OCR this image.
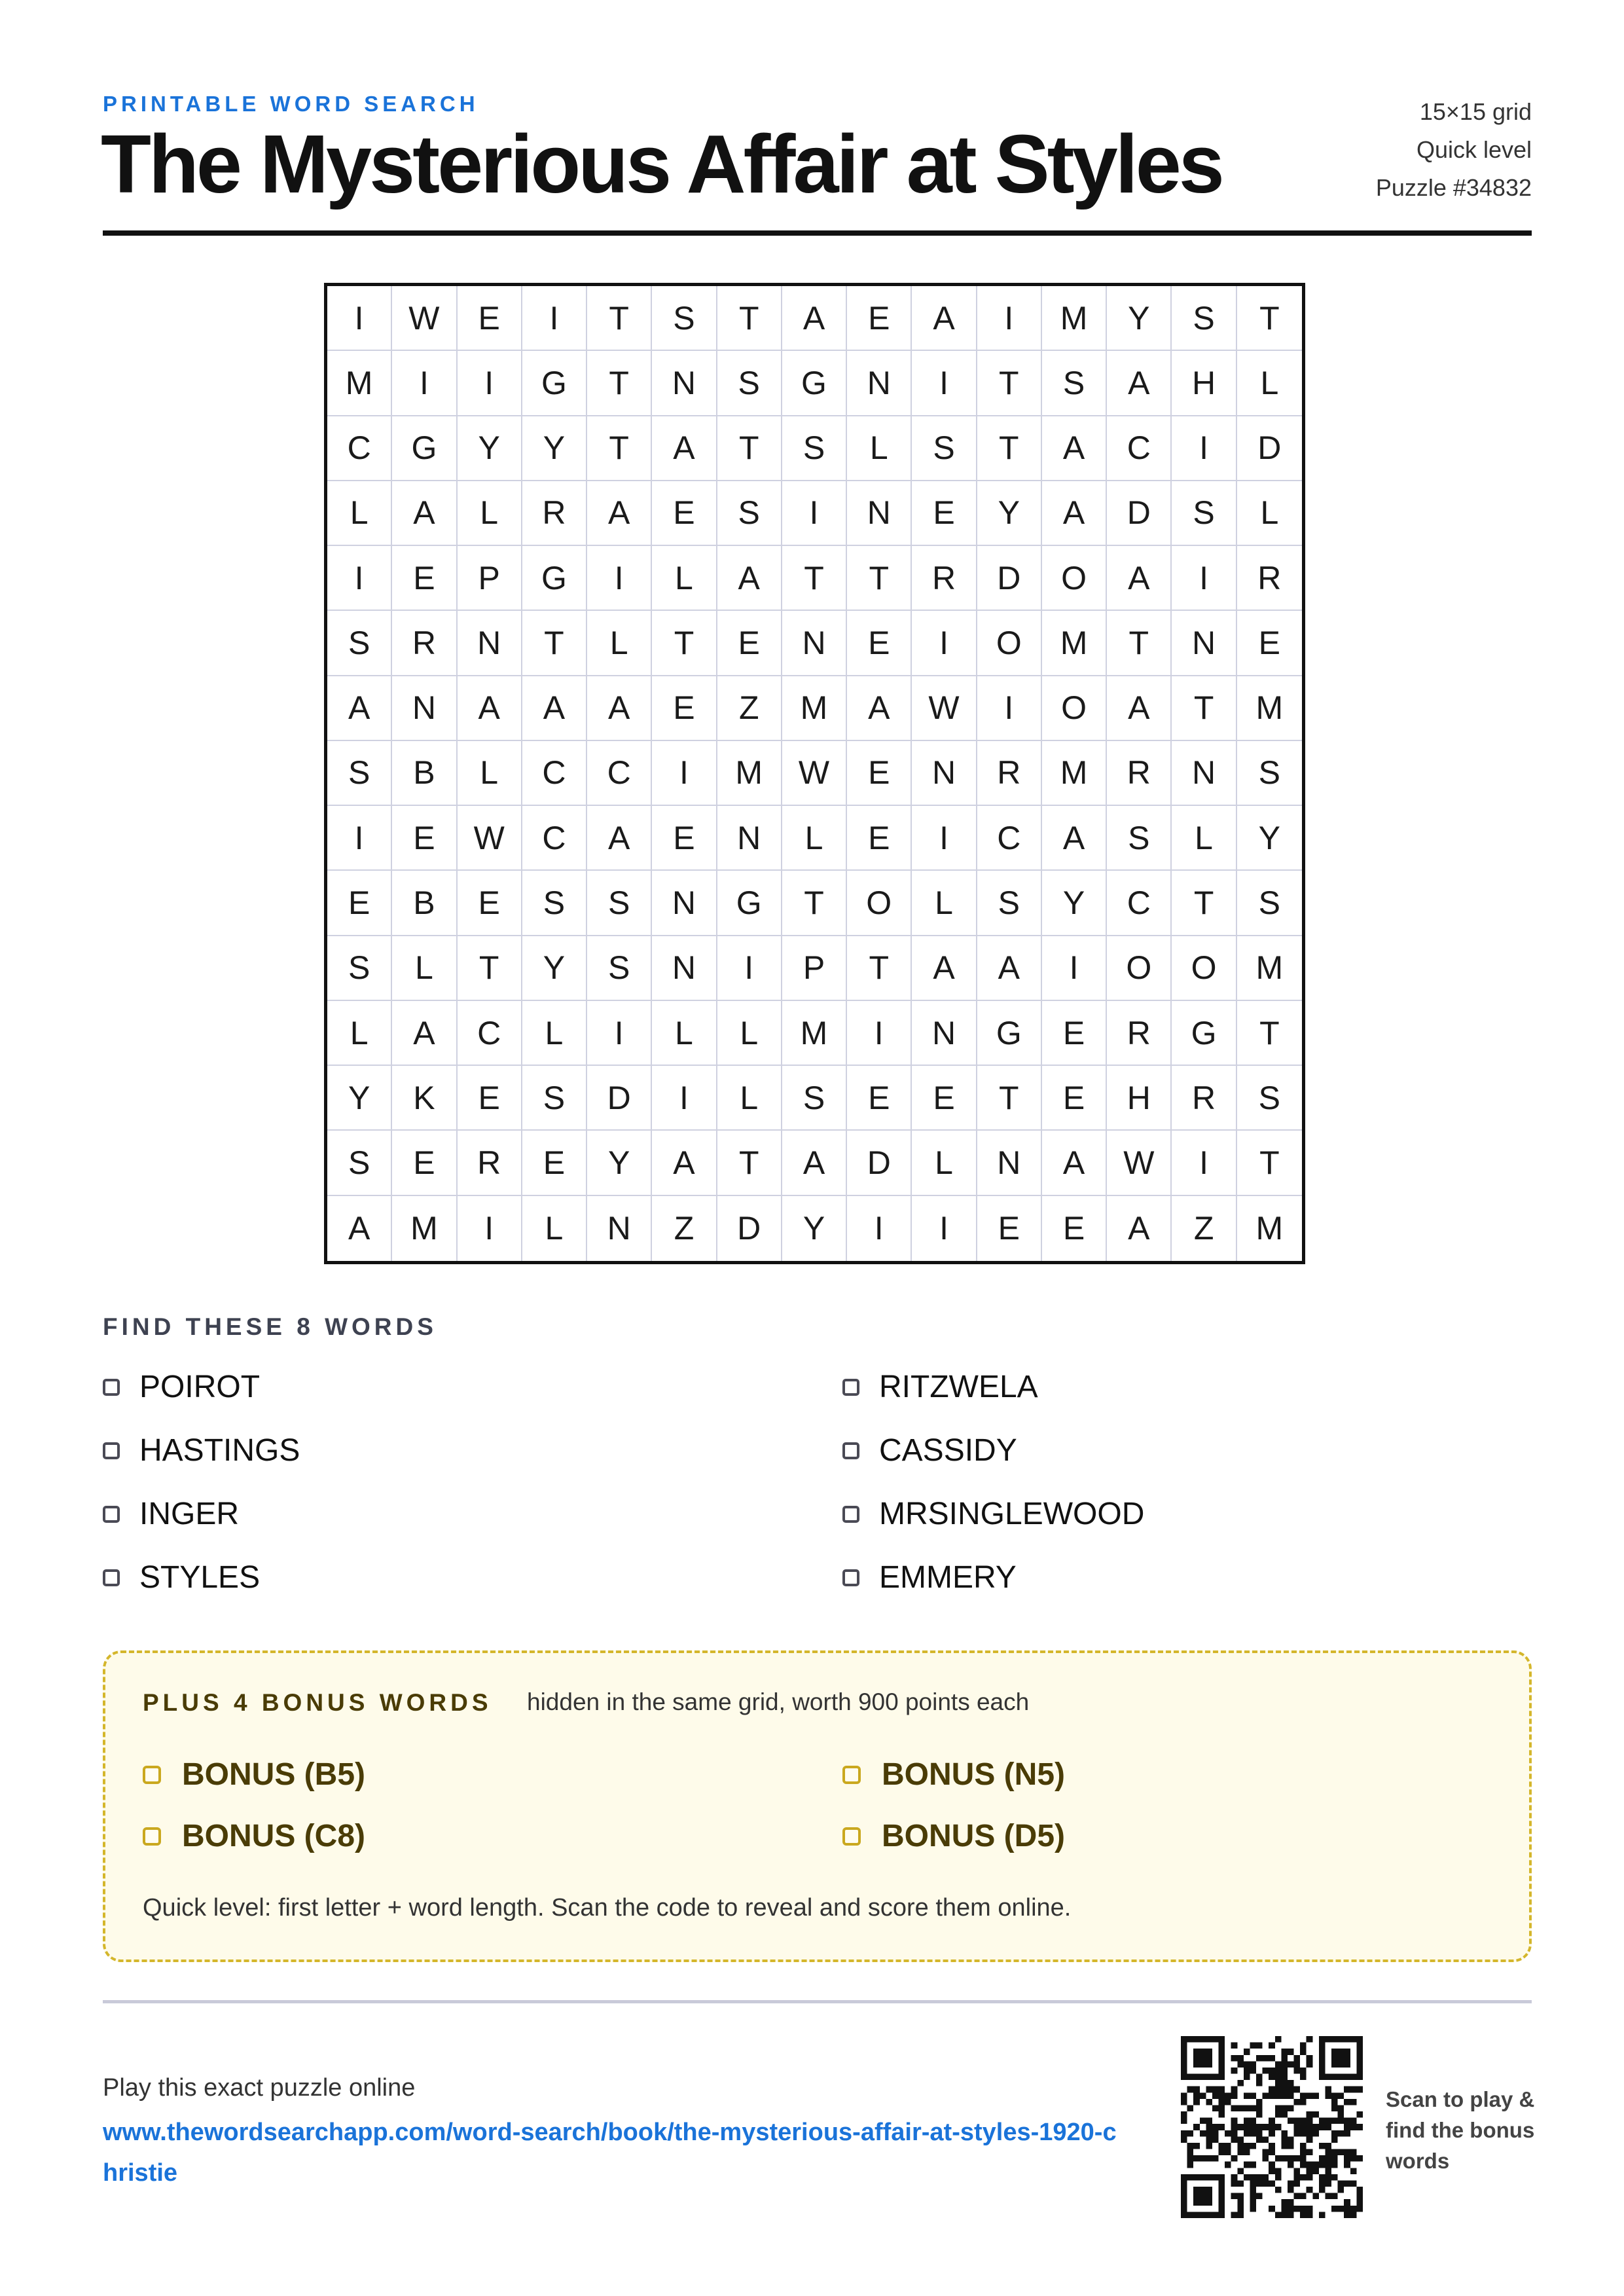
PRINTABLE WORD SEARCH
The Mysterious Affair at Styles
15×15 grid
Quick level
Puzzle #34832
I	W	E	I	T	S	T	A	E	A	I	M	Y	S	T
M	I	I	G	T	N	S	G	N	I	T	S	A	H	L
C	G	Y	Y	T	A	T	S	L	S	T	A	C	I	D
L	A	L	R	A	E	S	I	N	E	Y	A	D	S	L
I	E	P	G	I	L	A	T	T	R	D	O	A	I	R
S	R	N	T	L	T	E	N	E	I	O	M	T	N	E
A	N	A	A	A	E	Z	M	A	W	I	O	A	T	M
S	B	L	C	C	I	M	W	E	N	R	M	R	N	S
I	E	W	C	A	E	N	L	E	I	C	A	S	L	Y
E	B	E	S	S	N	G	T	O	L	S	Y	C	T	S
S	L	T	Y	S	N	I	P	T	A	A	I	O	O	M
L	A	C	L	I	L	L	M	I	N	G	E	R	G	T
Y	K	E	S	D	I	L	S	E	E	T	E	H	R	S
S	E	R	E	Y	A	T	A	D	L	N	A	W	I	T
A	M	I	L	N	Z	D	Y	I	I	E	E	A	Z	M
FIND THESE 8 WORDS
POIROT
HASTINGS
INGER
STYLES
RITZWELA
CASSIDY
MRSINGLEWOOD
EMMERY
PLUS 4 BONUS WORDS hidden in the same grid, worth 900 points each
BONUS (B5)
BONUS (C8)
BONUS (N5)
BONUS (D5)
Quick level: first letter + word length. Scan the code to reveal and score them online.
Play this exact puzzle online
www.thewordsearchapp.com/word-search/book/the-mysterious-affair-at-styles-1920-christie
Scan to play & find the bonus words
